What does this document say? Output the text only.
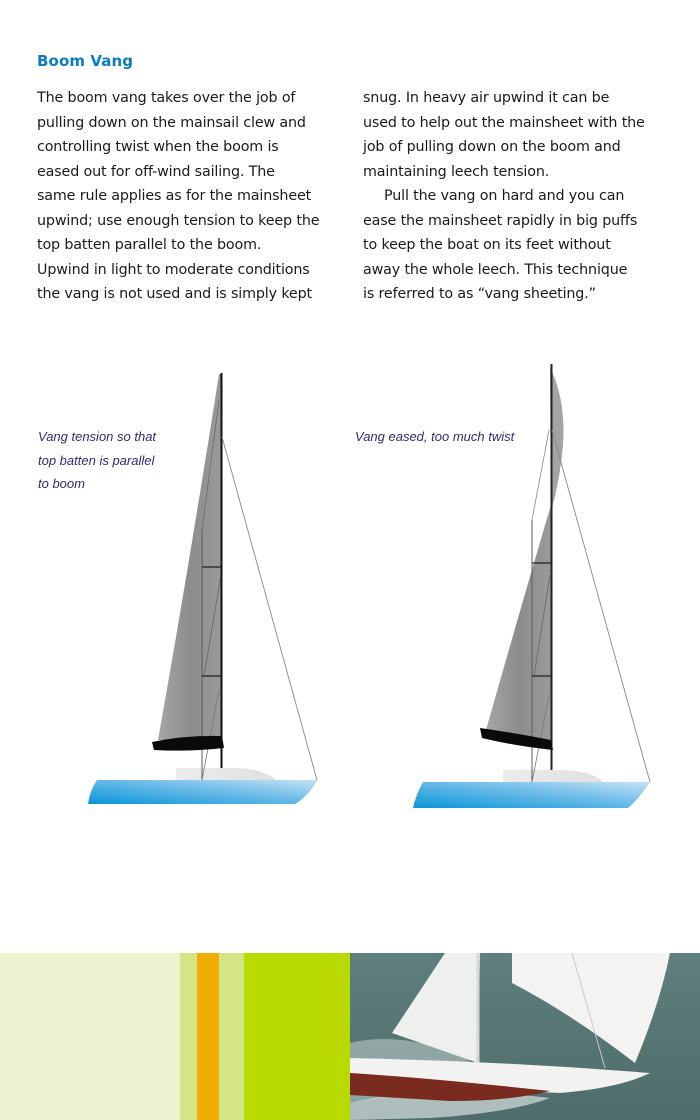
Boom Vang
The boom vang takes over the job of
pulling down on the mainsail clew and
controlling twist when the boom is
eased out for off-wind sailing. The
same rule applies as for the mainsheet
upwind; use enough tension to keep the
top batten parallel to the boom.
Upwind in light to moderate conditions
the vang is not used and is simply kept
snug. In heavy air upwind it can be
used to help out the mainsheet with the
job of pulling down on the boom and
maintaining leech tension.
Pull the vang on hard and you can
ease the mainsheet rapidly in big puffs
to keep the boat on its feet without
away the whole leech. This technique
is referred to as “vang sheeting.”
Vang tension so that
top batten is parallel
to boom
Vang eased, too much twist
